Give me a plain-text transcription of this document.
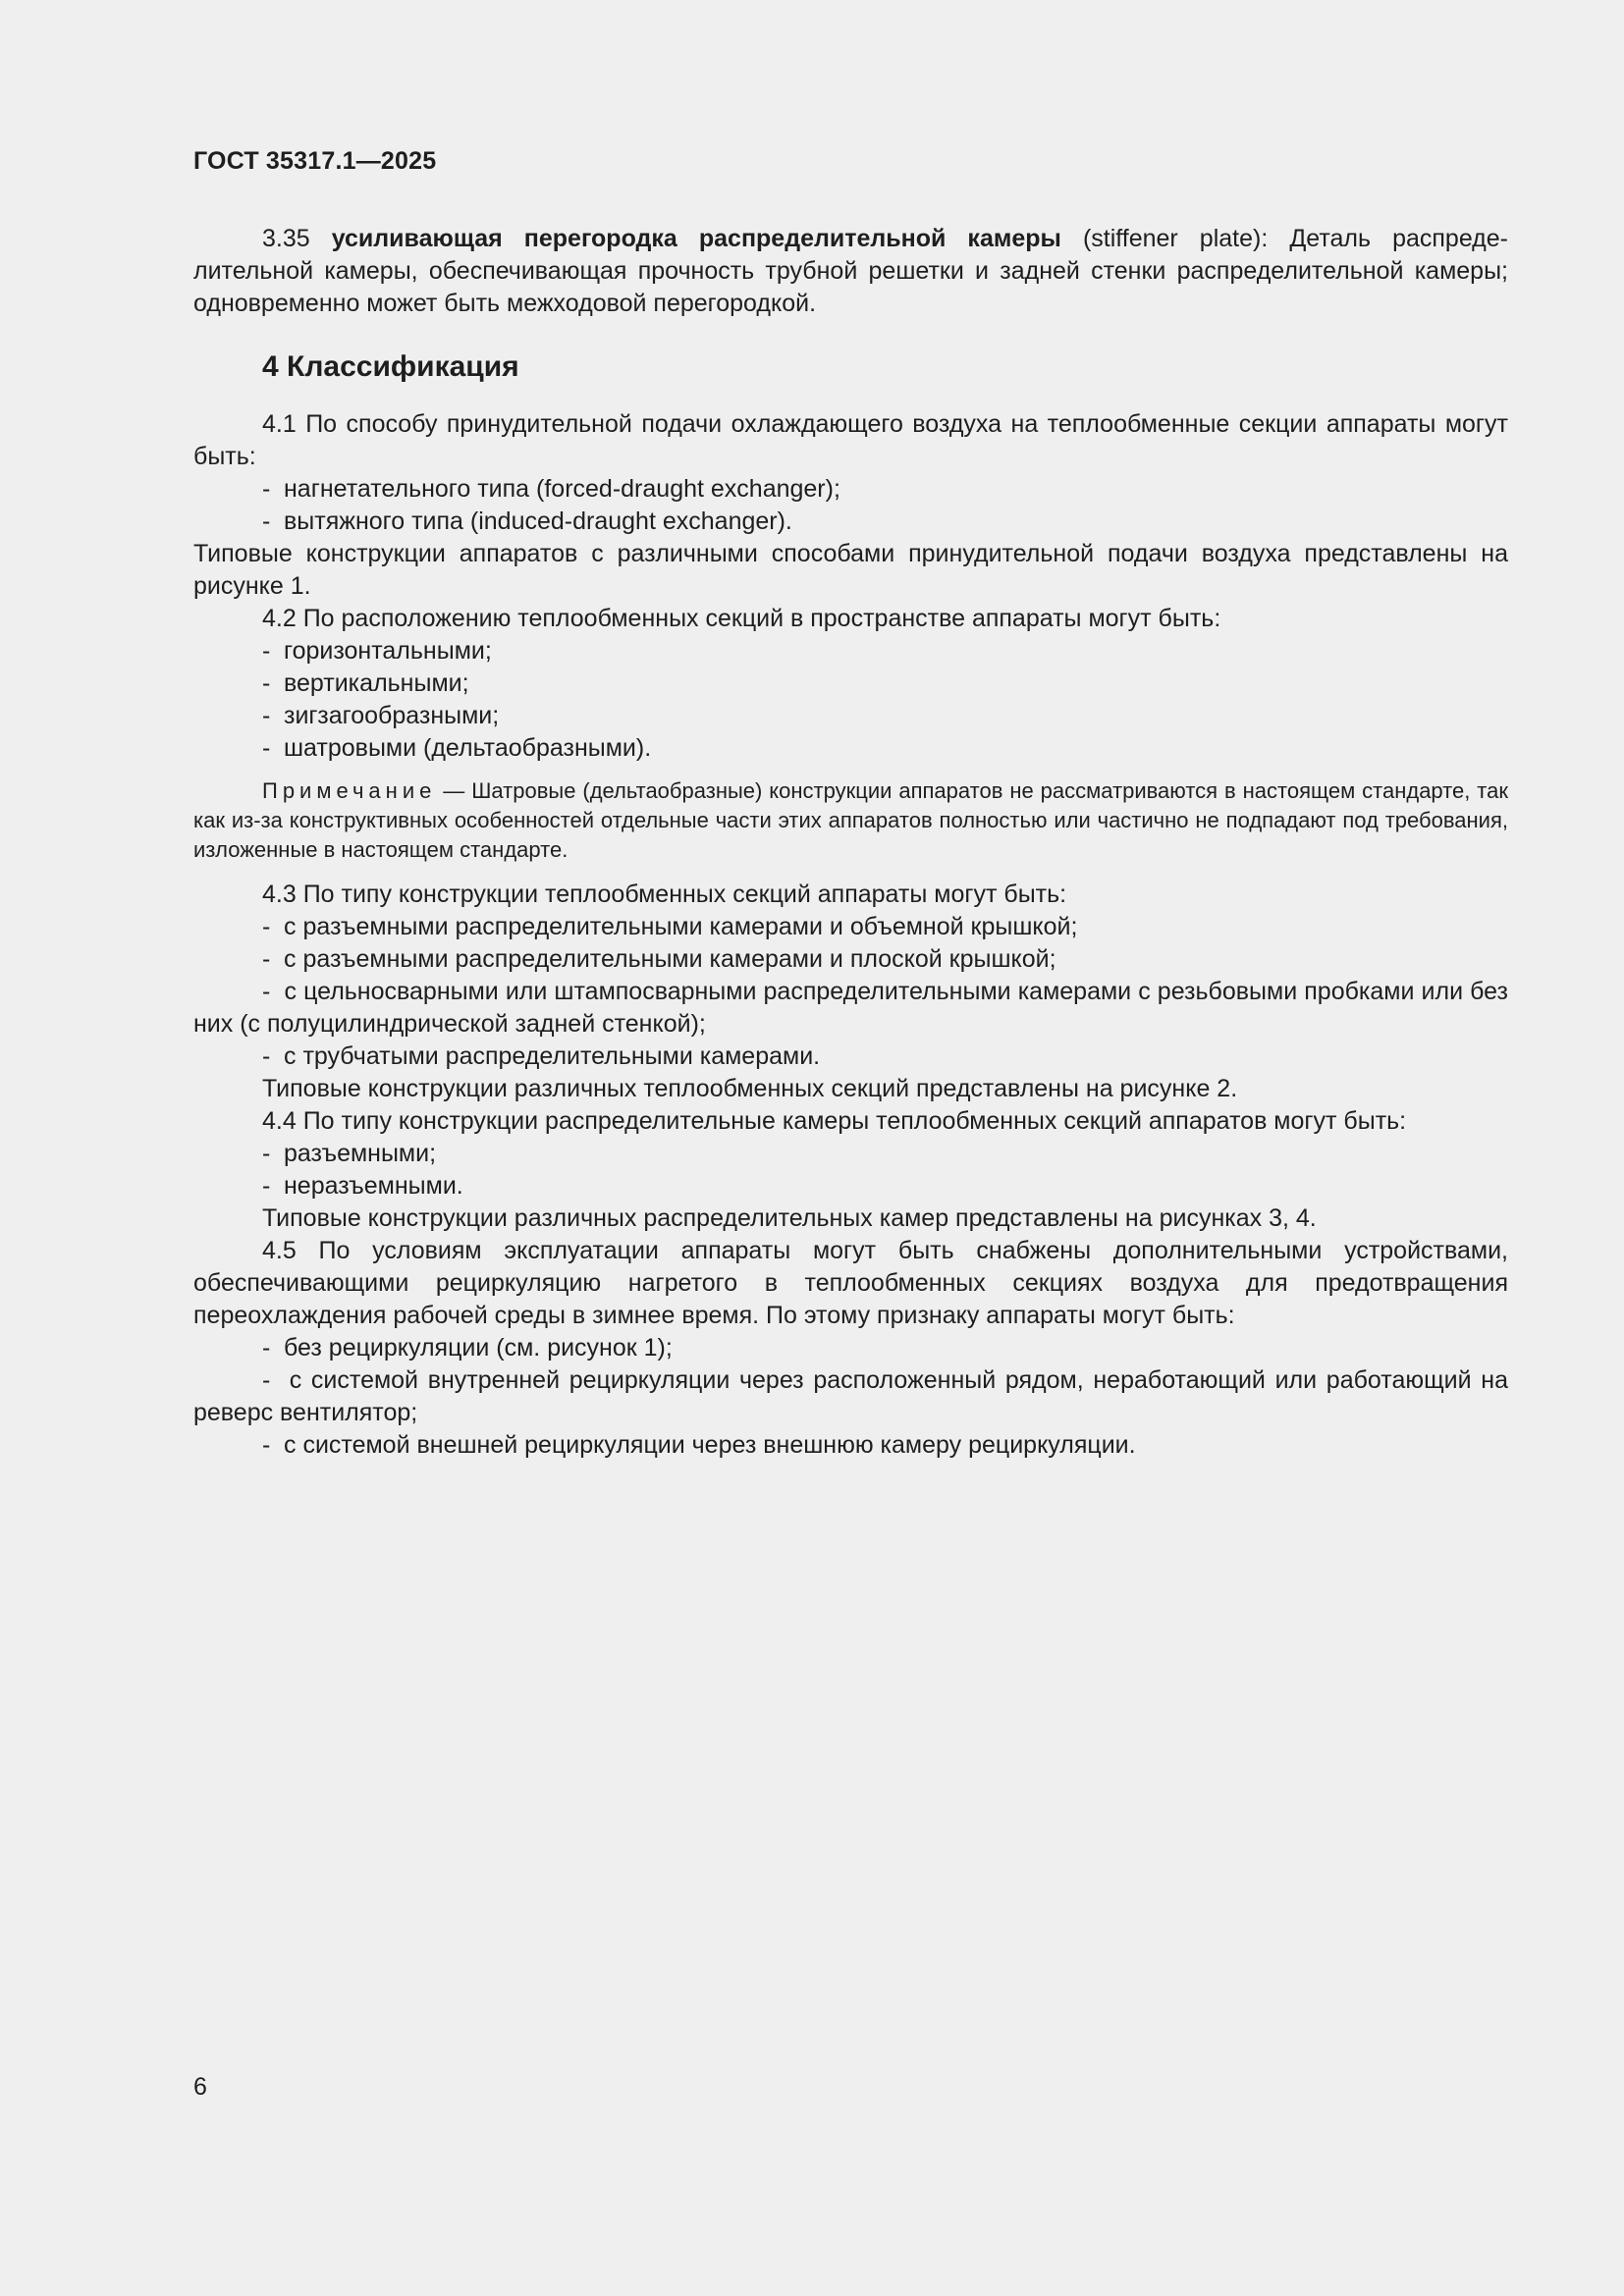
ГОСТ 35317.1—2025

3.35 усиливающая перегородка распределительной камеры (stiffener plate): Деталь распреде-лительной камеры, обеспечивающая прочность трубной решетки и задней стенки распределительной камеры; одновременно может быть межходовой перегородкой.

4 Классификация

4.1 По способу принудительной подачи охлаждающего воздуха на теплообменные секции аппараты могут быть:

- нагнетательного типа (forced-draught exchanger);
- вытяжного типа (induced-draught exchanger).

Типовые конструкции аппаратов с различными способами принудительной подачи воздуха представлены на рисунке 1.

4.2 По расположению теплообменных секций в пространстве аппараты могут быть:

- горизонтальными;
- вертикальными;
- зигзагообразными;
- шатровыми (дельтаобразными).

Примечание — Шатровые (дельтаобразные) конструкции аппаратов не рассматриваются в настоящем стандарте, так как из-за конструктивных особенностей отдельные части этих аппаратов полностью или частично не подпадают под требования, изложенные в настоящем стандарте.

4.3 По типу конструкции теплообменных секций аппараты могут быть:

- с разъемными распределительными камерами и объемной крышкой;
- с разъемными распределительными камерами и плоской крышкой;

-  с цельносварными или штампосварными распределительными камерами с резьбовыми пробками или без них (с полуцилиндрической задней стенкой);

- с трубчатыми распределительными камерами.

Типовые конструкции различных теплообменных секций представлены на рисунке 2.

4.4 По типу конструкции распределительные камеры теплообменных секций аппаратов могут быть:

- разъемными;
- неразъемными.

Типовые конструкции различных распределительных камер представлены на рисунках 3, 4.

4.5 По условиям эксплуатации аппараты могут быть снабжены дополнительными устройствами, обеспечивающими рециркуляцию нагретого в теплообменных секциях воздуха для предотвращения переохлаждения рабочей среды в зимнее время. По этому признаку аппараты могут быть:

- без рециркуляции (см. рисунок 1);

-  с системой внутренней рециркуляции через расположенный рядом, неработающий или работающий на реверс вентилятор;

- с системой внешней рециркуляции через внешнюю камеру рециркуляции.
6
